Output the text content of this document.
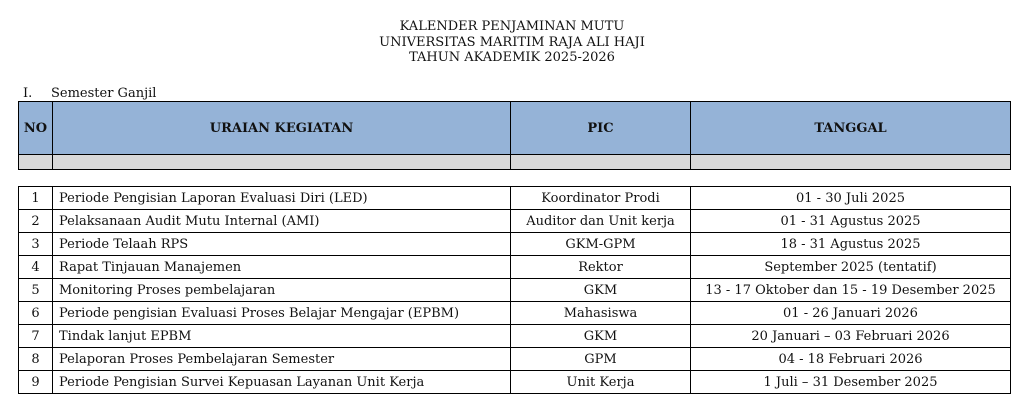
KALENDER PENJAMINAN MUTU
UNIVERSITAS MARITIM RAJA ALI HAJI
TAHUN AKADEMIK 2025-2026
I. Semester Ganjil
NO	URAIAN KEGIATAN	PIC	TANGGAL

1	Periode Pengisian Laporan Evaluasi Diri (LED)	Koordinator Prodi	01 - 30 Juli 2025
2	Pelaksanaan Audit Mutu Internal (AMI)	Auditor dan Unit kerja	01 - 31 Agustus 2025
3	Periode Telaah RPS	GKM-GPM	18 - 31 Agustus 2025
4	Rapat Tinjauan Manajemen	Rektor	September 2025 (tentatif)
5	Monitoring Proses pembelajaran	GKM	13 - 17 Oktober dan 15 - 19 Desember 2025
6	Periode pengisian Evaluasi Proses Belajar Mengajar (EPBM)	Mahasiswa	01 - 26 Januari 2026
7	Tindak lanjut EPBM	GKM	20 Januari – 03 Februari 2026
8	Pelaporan Proses Pembelajaran Semester	GPM	04 - 18 Februari 2026
9	Periode Pengisian Survei Kepuasan Layanan Unit Kerja	Unit Kerja	1 Juli – 31 Desember 2025
